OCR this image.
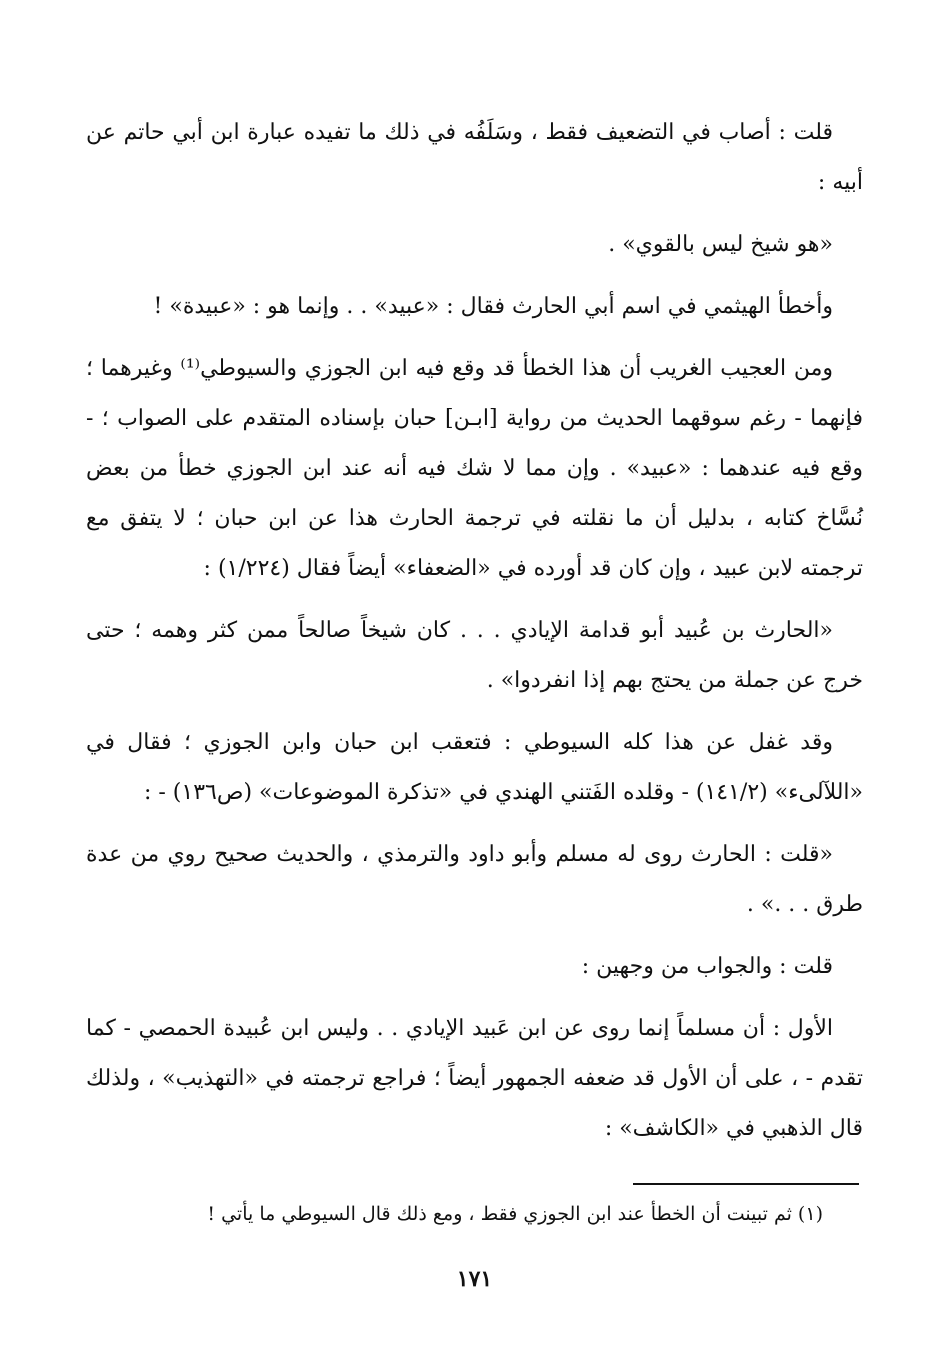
قلت : أصاب في التضعيف فقط ، وسَلَفُه في ذلك ما تفيده عبارة ابن أبي حاتم عن أبيه :

«هو شيخ ليس بالقوي» .

وأخطأ الهيثمي في اسم أبي الحارث فقال : «عبيد» . . وإنما هو : «عبيدة» !

ومن العجيب الغريب أن هذا الخطأ قد وقع فيه ابن الجوزي والسيوطي⁽¹⁾ وغيرهما ؛ فإنهما - رغم سوقهما الحديث من رواية [ابـن] حبان بإسناده المتقدم على الصواب ؛ - وقع فيه عندهما : «عبيد» . وإن مما لا شك فيه أنه عند ابن الجوزي خطأ من بعض نُسَّاخ كتابه ، بدليل أن ما نقلته في ترجمة الحارث هذا عن ابن حبان ؛ لا يتفق مع ترجمته لابن عبيد ، وإن كان قد أورده في «الضعفاء» أيضاً فقال (١/٢٢٤) :

«الحارث بن عُبيد أبو قدامة الإيادي . . . كان شيخاً صالحاً ممن كثر وهمه ؛ حتى خرج عن جملة من يحتج بهم إذا انفردوا» .

وقد غفل عن هذا كله السيوطي : فتعقب ابن حبان وابن الجوزي ؛ فقال في «اللآلىء» (١٤١/٢) - وقلده الفَتني الهندي في «تذكرة الموضوعات» (ص١٣٦) - :

«قلت : الحارث روى له مسلم وأبو داود والترمذي ، والحديث صحيح روي من عدة طرق . . .» .

قلت : والجواب من وجهين :

الأول : أن مسلماً إنما روى عن ابن عَبيد الإيادي . . وليس ابن عُبيدة الحمصي - كما تقدم - ، على أن الأول قد ضعفه الجمهور أيضاً ؛ فراجع ترجمته في «التهذيب» ، ولذلك قال الذهبي في «الكاشف» :

(١) ثم تبينت أن الخطأ عند ابن الجوزي فقط ، ومع ذلك قال السيوطي ما يأتي !
١٧١
